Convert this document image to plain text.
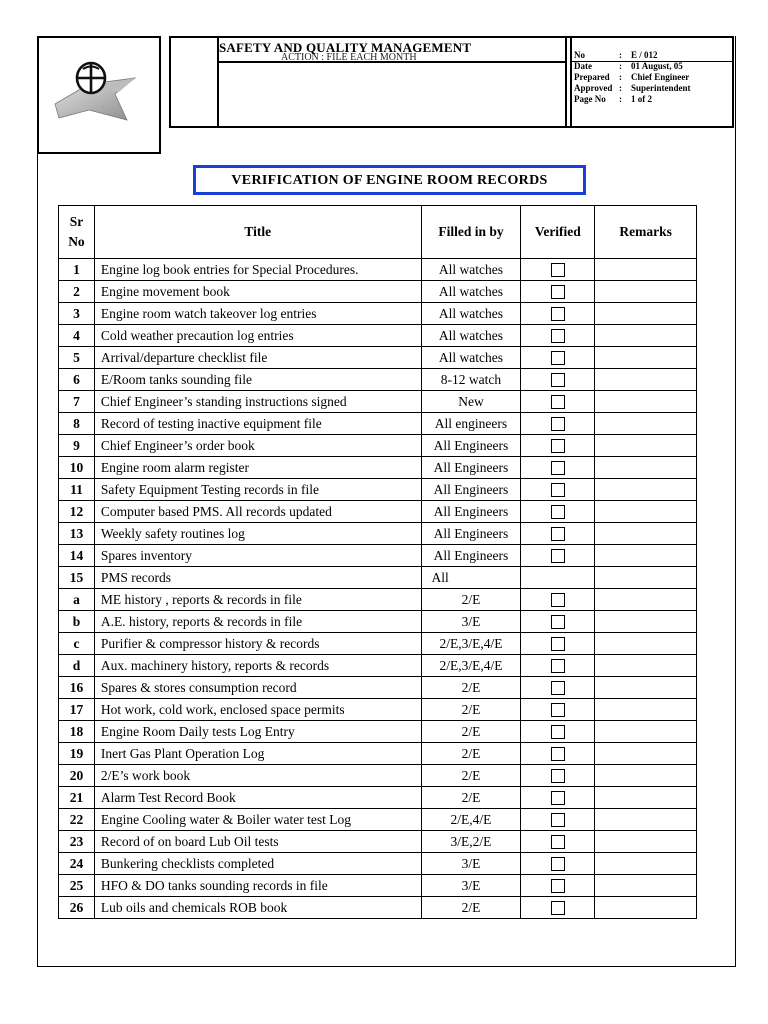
ACTION : FILE EACH MONTH
SAFETY AND QUALITY MANAGEMENT	No	:	E / 012
Date	:	01 August, 05
Prepared	:	Chief Engineer
Approved :	Superintendent
Page No	:	1 of 2
VERIFICATION OF ENGINE ROOM RECORDS
Sr
No	Title	Filled in by	Verified	Remarks
1	Engine log book entries for Special Procedures.	All watches		
2	Engine movement book	All watches		
3	Engine room watch takeover log entries	All watches		
4	Cold weather precaution log entries	All watches		
5	Arrival/departure checklist file	All watches		
6	E/Room tanks sounding file	8-12 watch		
7	Chief Engineer’s standing instructions signed	New		
8	Record of testing inactive equipment file	All engineers		
9	Chief Engineer’s order book	All Engineers		
10	Engine room alarm register	All Engineers		
11	Safety Equipment Testing records in file	All Engineers		
12	Computer based PMS. All records updated	All Engineers		
13	Weekly safety routines log	All Engineers		
14	Spares inventory	All Engineers		
15	PMS records	All		
a	ME history , reports & records in file	2/E		
b	A.E. history, reports & records in file	3/E		
c	Purifier & compressor history & records	2/E,3/E,4/E		
d	Aux. machinery history, reports & records	2/E,3/E,4/E		
16	Spares & stores consumption record	2/E		
17	Hot work, cold work, enclosed space permits	2/E		
18	Engine Room Daily tests Log Entry	2/E		
19	Inert Gas Plant Operation Log	2/E		
20	2/E’s work book	2/E		
21	Alarm Test Record Book	2/E		
22	Engine Cooling water & Boiler water test Log	2/E,4/E		
23	Record of on board Lub Oil tests	3/E,2/E		
24	Bunkering checklists completed	3/E		
25	HFO & DO tanks sounding records in file	3/E		
26	Lub oils and chemicals ROB book	2/E		
